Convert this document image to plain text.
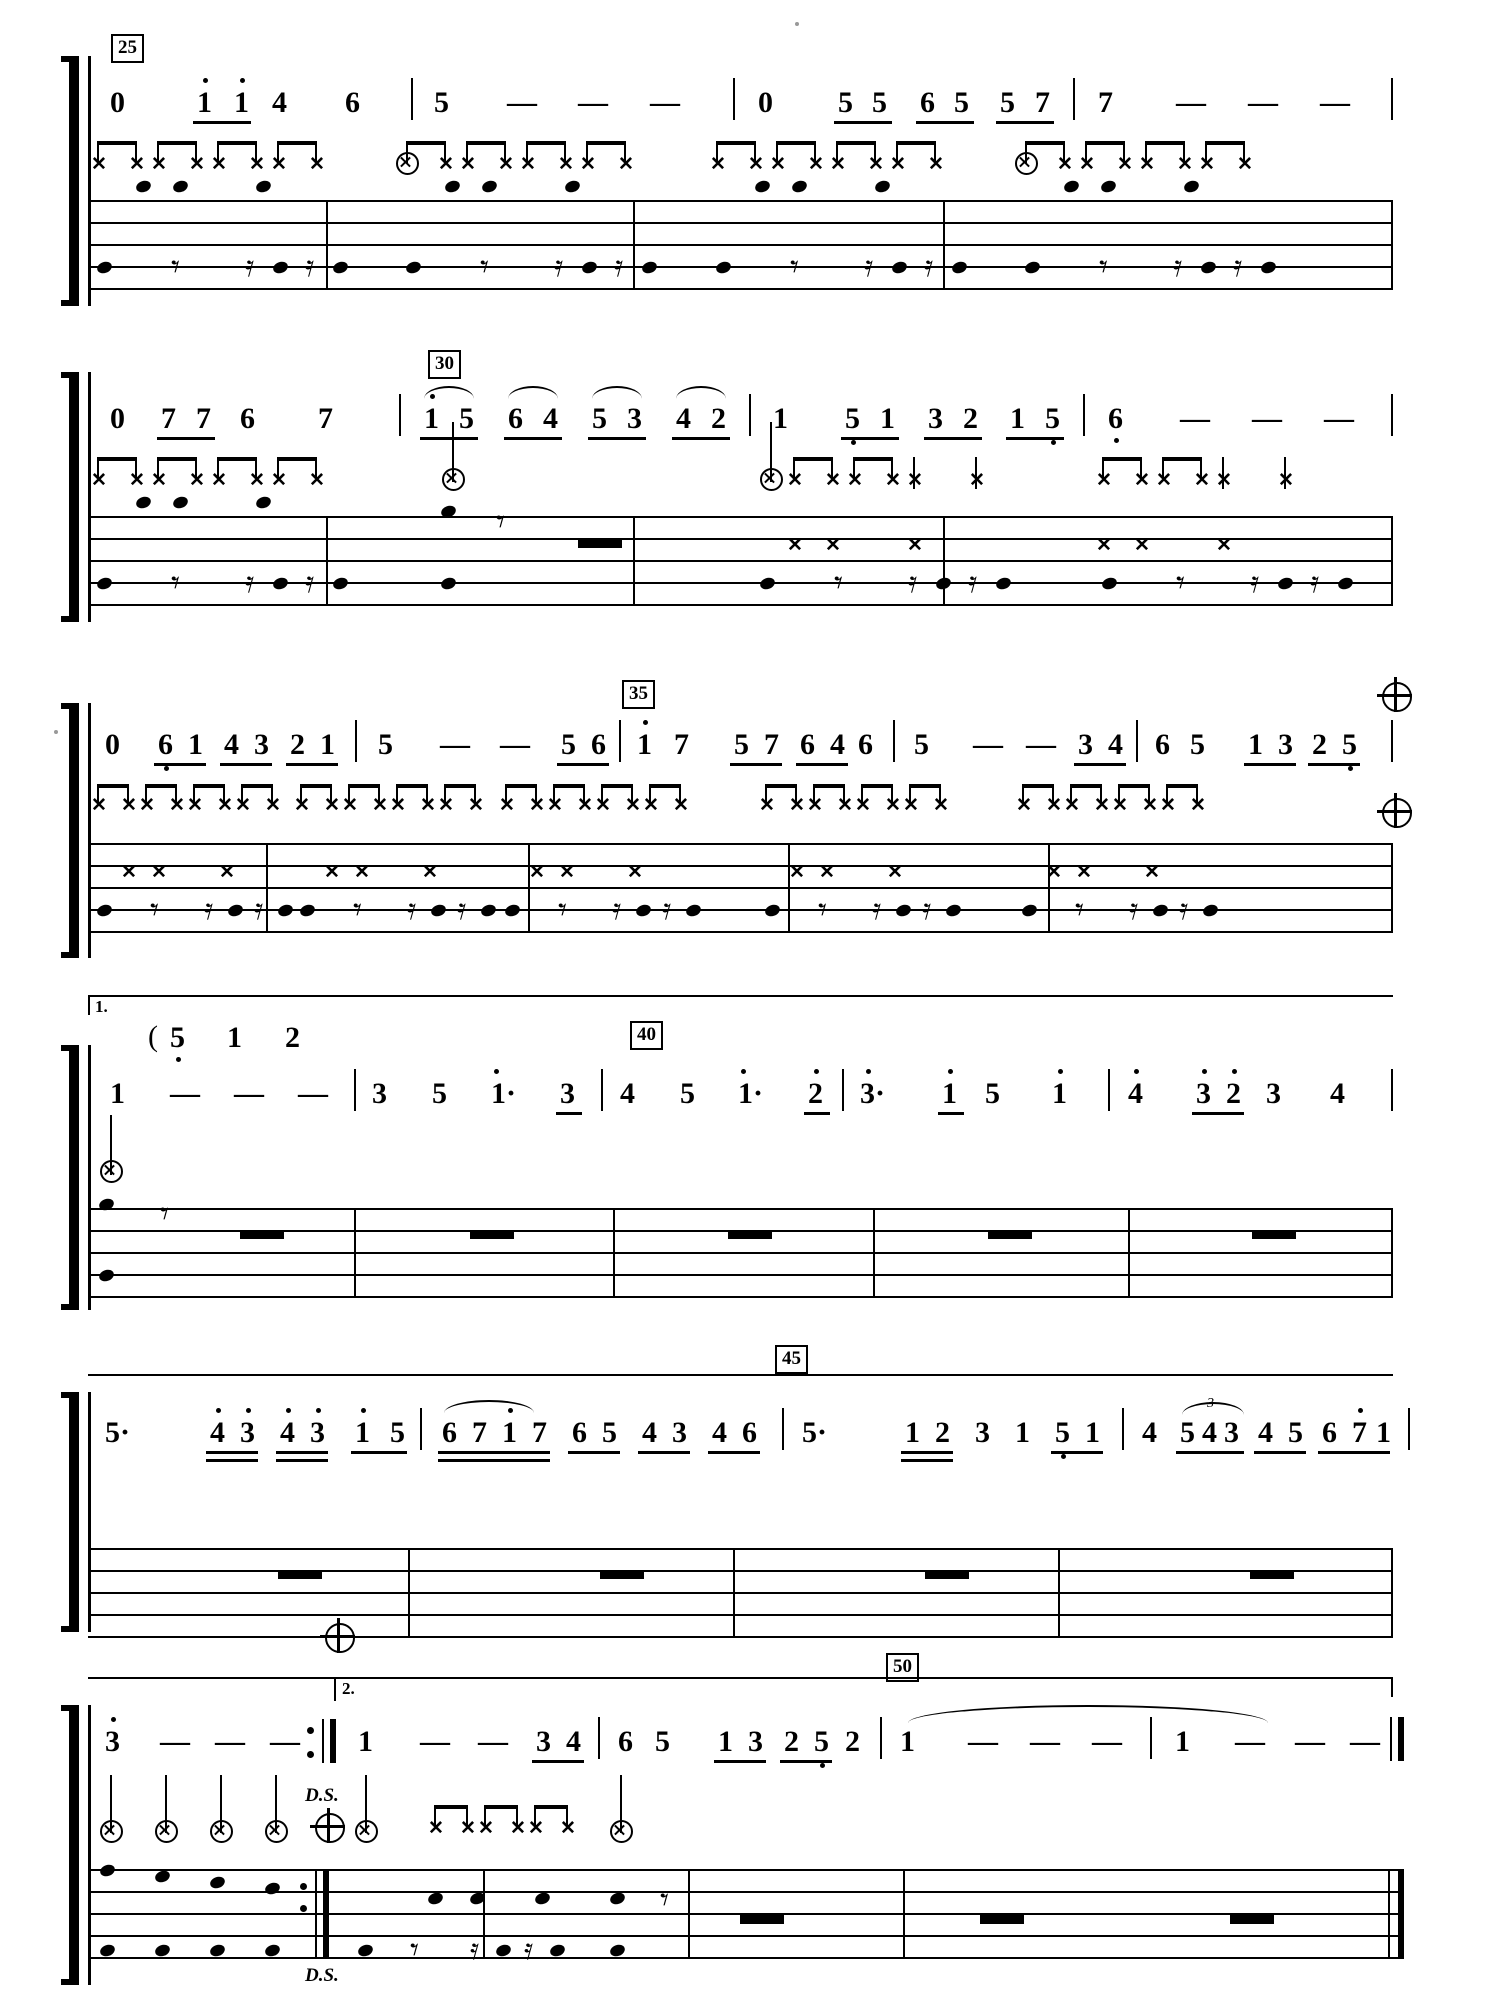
25
0 1 1 4 6 5 — — —	0 5 5 6 5 5 7 7 — — —
✕ ✕ ✕ ✕ ✕ ✕ ✕ ✕	✕ ✕ ✕ ✕ ✕ ✕ ✕	✕ ✕ ✕ ✕ ✕ ✕ ✕ ✕	✕ ✕ ✕ ✕ ✕ ✕ ✕
𝄾 𝄿 𝄿	𝄾 𝄿 𝄿	𝄾 𝄿 𝄿	𝄾 𝄿 𝄿
30
0 7 7 6 7	1 5 6 4 5 3 4 2 1 5 1 3 2 1 5 6 — — —
✕ ✕ ✕ ✕ ✕ ✕ ✕ ✕
𝄾
✕ ✕ ✕ ✕ ✕ ✕
✕ ✕	✕
✕ ✕ ✕ ✕ ✕ ✕
✕ ✕	✕
𝄾 𝄿 𝄿	𝄾 𝄿 𝄿	𝄾 𝄿 𝄿
35
0 6 1 4 3 2 1 5 — — 5 6 1 7 5 7 6 4 6 5 — — 3 4 6 5 1 3 2 5
✕ ✕ ✕ ✕ ✕ ✕ ✕ ✕
✕ ✕	✕
✕ ✕ ✕ ✕ ✕ ✕ ✕ ✕
✕ ✕	✕
✕ ✕ ✕ ✕ ✕ ✕ ✕ ✕
✕ ✕	✕
✕ ✕ ✕ ✕ ✕ ✕ ✕ ✕
✕ ✕	✕
✕ ✕ ✕ ✕ ✕ ✕ ✕ ✕
✕ ✕	✕
𝄾 𝄿 𝄿	𝄾 𝄿 𝄿	𝄾 𝄿 𝄿	𝄾 𝄿 𝄿	𝄾 𝄿 𝄿
1.
40
( 5 1 2
1 — — — 3 5 1· 3 4 5 1· 2 3· 1 5 1 4 3 2 3 4
𝄾
45
5·	4 3 4 3 1 5 6 7 1 7 6 5 4 3 4 6 5·	1 2 3 1 5 1 4
3
5 4 3 4 5 6 7 1
50
2.
3 — — — 1 — — 3 4 6 5 1 3 2 5 2 1 — — — 1 — — —
D.S.
D.S.
✕ ✕ ✕ ✕ ✕ ✕
𝄾
𝄾 𝄿 𝄿
